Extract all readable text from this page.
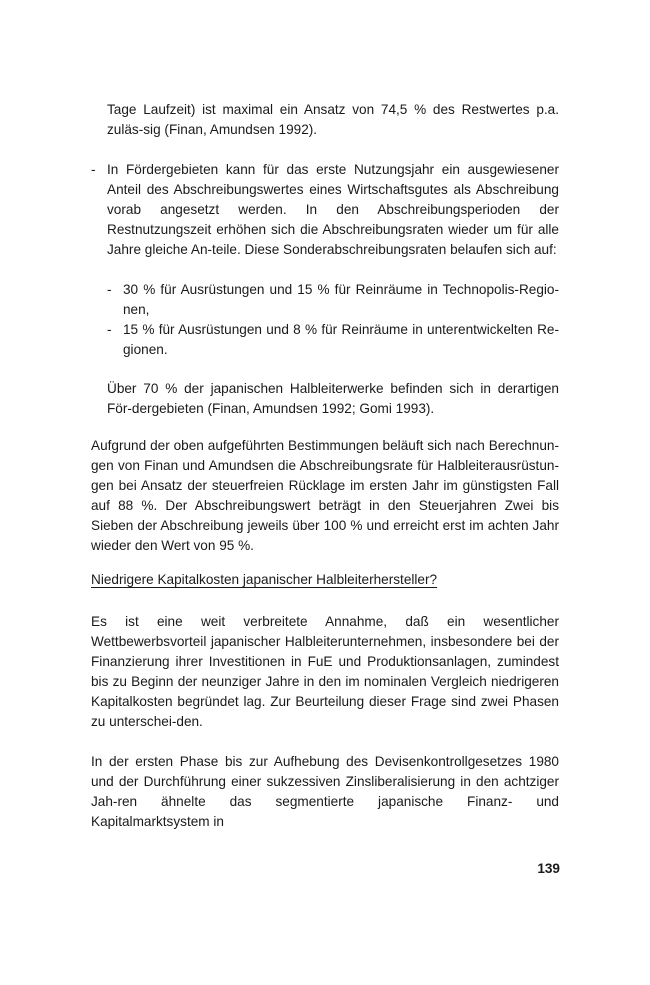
Tage Laufzeit) ist maximal ein Ansatz von 74,5 % des Restwertes p.a. zuläs-sig (Finan, Amundsen 1992).

- In Fördergebieten kann für das erste Nutzungsjahr ein ausgewiesener Anteil des Abschreibungswertes eines Wirtschaftsgutes als Abschreibung vorab angesetzt werden. In den Abschreibungsperioden der Restnutzungszeit erhöhen sich die Abschreibungsraten wieder um für alle Jahre gleiche An-teile. Diese Sonderabschreibungsraten belaufen sich auf:

- 30 % für Ausrüstungen und 15 % für Reinräume in Technopolis-Regio-nen,

- 15 % für Ausrüstungen und 8 % für Reinräume in unterentwickelten Re-gionen.

Über 70 % der japanischen Halbleiterwerke befinden sich in derartigen För-dergebieten (Finan, Amundsen 1992; Gomi 1993).

Aufgrund der oben aufgeführten Bestimmungen beläuft sich nach Berechnun-gen von Finan und Amundsen die Abschreibungsrate für Halbleiterausrüstun-gen bei Ansatz der steuerfreien Rücklage im ersten Jahr im günstigsten Fall auf 88 %. Der Abschreibungswert beträgt in den Steuerjahren Zwei bis Sieben der Abschreibung jeweils über 100 % und erreicht erst im achten Jahr wieder den Wert von 95 %.

Niedrigere Kapitalkosten japanischer Halbleiterhersteller?

Es ist eine weit verbreitete Annahme, daß ein wesentlicher Wettbewerbsvorteil japanischer Halbleiterunternehmen, insbesondere bei der Finanzierung ihrer Investitionen in FuE und Produktionsanlagen, zumindest bis zu Beginn der neunziger Jahre in den im nominalen Vergleich niedrigeren Kapitalkosten begründet lag. Zur Beurteilung dieser Frage sind zwei Phasen zu unterschei-den.

In der ersten Phase bis zur Aufhebung des Devisenkontrollgesetzes 1980 und der Durchführung einer sukzessiven Zinsliberalisierung in den achtziger Jah-ren ähnelte das segmentierte japanische Finanz- und Kapitalmarktsystem in

139
